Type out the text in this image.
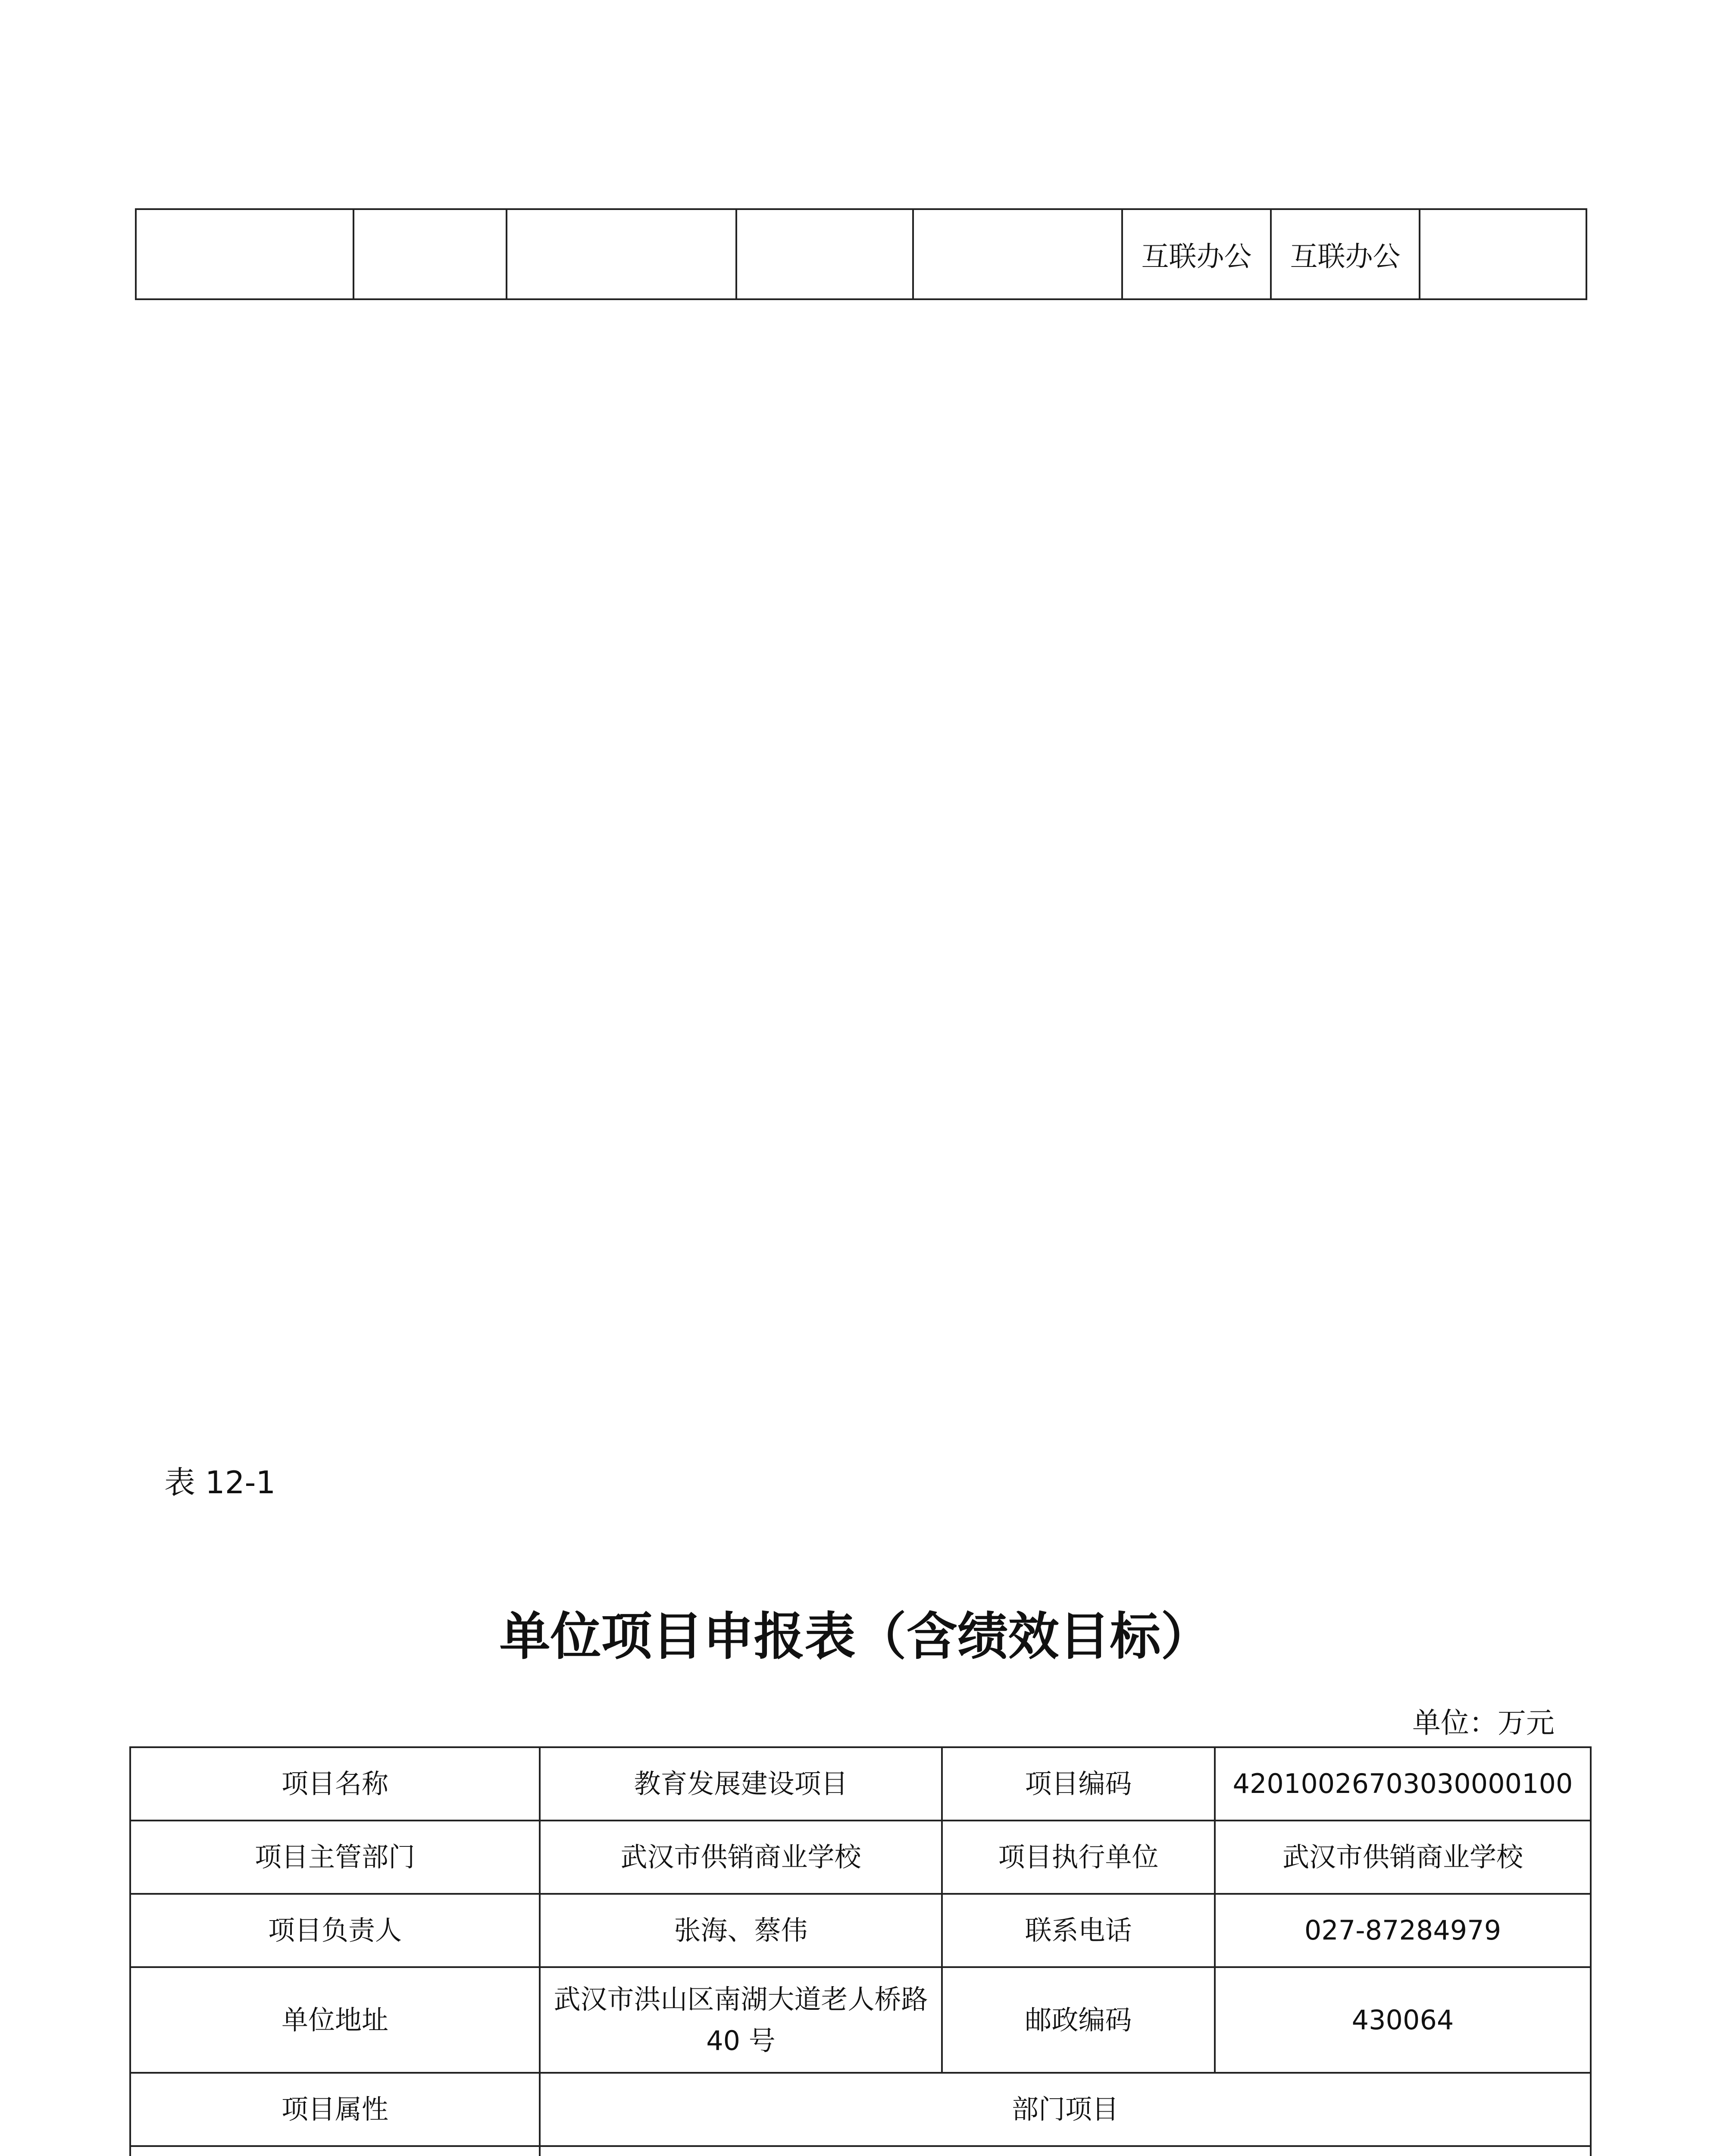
					互联办公	互联办公	
表 12-1
单位项目申报表（含绩效目标）
单位：万元
项目名称	教育发展建设项目	项目编码	42010026703030000100
项目主管部门	武汉市供销商业学校	项目执行单位	武汉市供销商业学校
项目负责人	张海、蔡伟	联系电话	027-87284979
单位地址	武汉市洪山区南湖大道老人桥路 40 号	邮政编码	430064
项目属性	部门项目		
